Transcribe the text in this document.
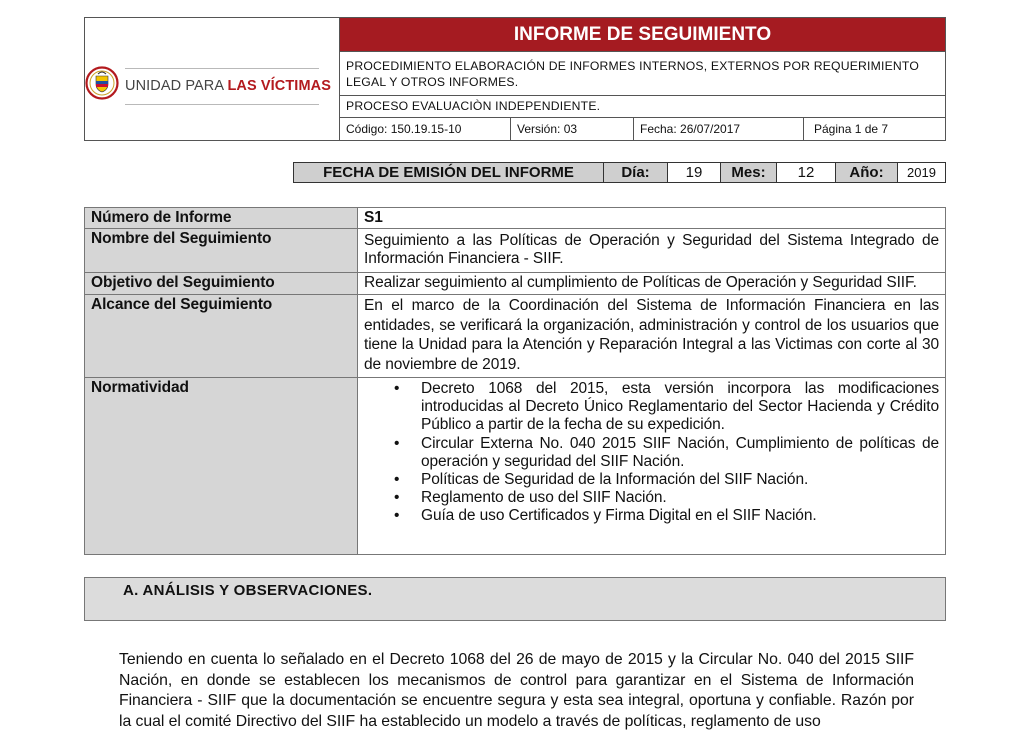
UNIDAD PARA LAS VÍCTIMAS
INFORME DE SEGUIMIENTO
PROCEDIMIENTO ELABORACIÓN DE INFORMES INTERNOS, EXTERNOS POR REQUERIMIENTO LEGAL Y OTROS INFORMES.
PROCESO EVALUACIÒN INDEPENDIENTE.
Código: 150.19.15-10	Versión: 03	Fecha: 26/07/2017	Página 1 de 7
FECHA DE EMISIÓN DEL INFORME	Día:	19	Mes:	12	Año:	2019
Número de Informe	S1
Nombre del Seguimiento	Seguimiento a las Políticas de Operación y Seguridad del Sistema Integrado de Información Financiera - SIIF.
Objetivo del Seguimiento	Realizar seguimiento al cumplimiento de Políticas de Operación y Seguridad SIIF.
Alcance del Seguimiento	En el marco de la Coordinación del Sistema de Información Financiera en las entidades, se verificará la organización, administración y control de los usuarios que tiene la Unidad para la Atención y Reparación Integral a las Victimas con corte al 30 de noviembre de 2019.
Normatividad	• Decreto 1068 del 2015, esta versión incorpora las modificaciones introducidas al Decreto Único Reglamentario del Sector Hacienda y Crédito Público a partir de la fecha de su expedición.
• Circular Externa No. 040 2015 SIIF Nación, Cumplimiento de políticas de operación y seguridad del SIIF Nación.
• Políticas de Seguridad de la Información del SIIF Nación.
• Reglamento de uso del SIIF Nación.
• Guía de uso Certificados y Firma Digital en el SIIF Nación.
A. ANÁLISIS Y OBSERVACIONES.
Teniendo en cuenta lo señalado en el Decreto 1068 del 26 de mayo de 2015 y la Circular No. 040 del 2015 SIIF Nación, en donde se establecen los mecanismos de control para garantizar en el Sistema de Información Financiera - SIIF que la documentación se encuentre segura y esta sea integral, oportuna y confiable. Razón por la cual el comité Directivo del SIIF ha establecido un modelo a través de políticas, reglamento de uso
